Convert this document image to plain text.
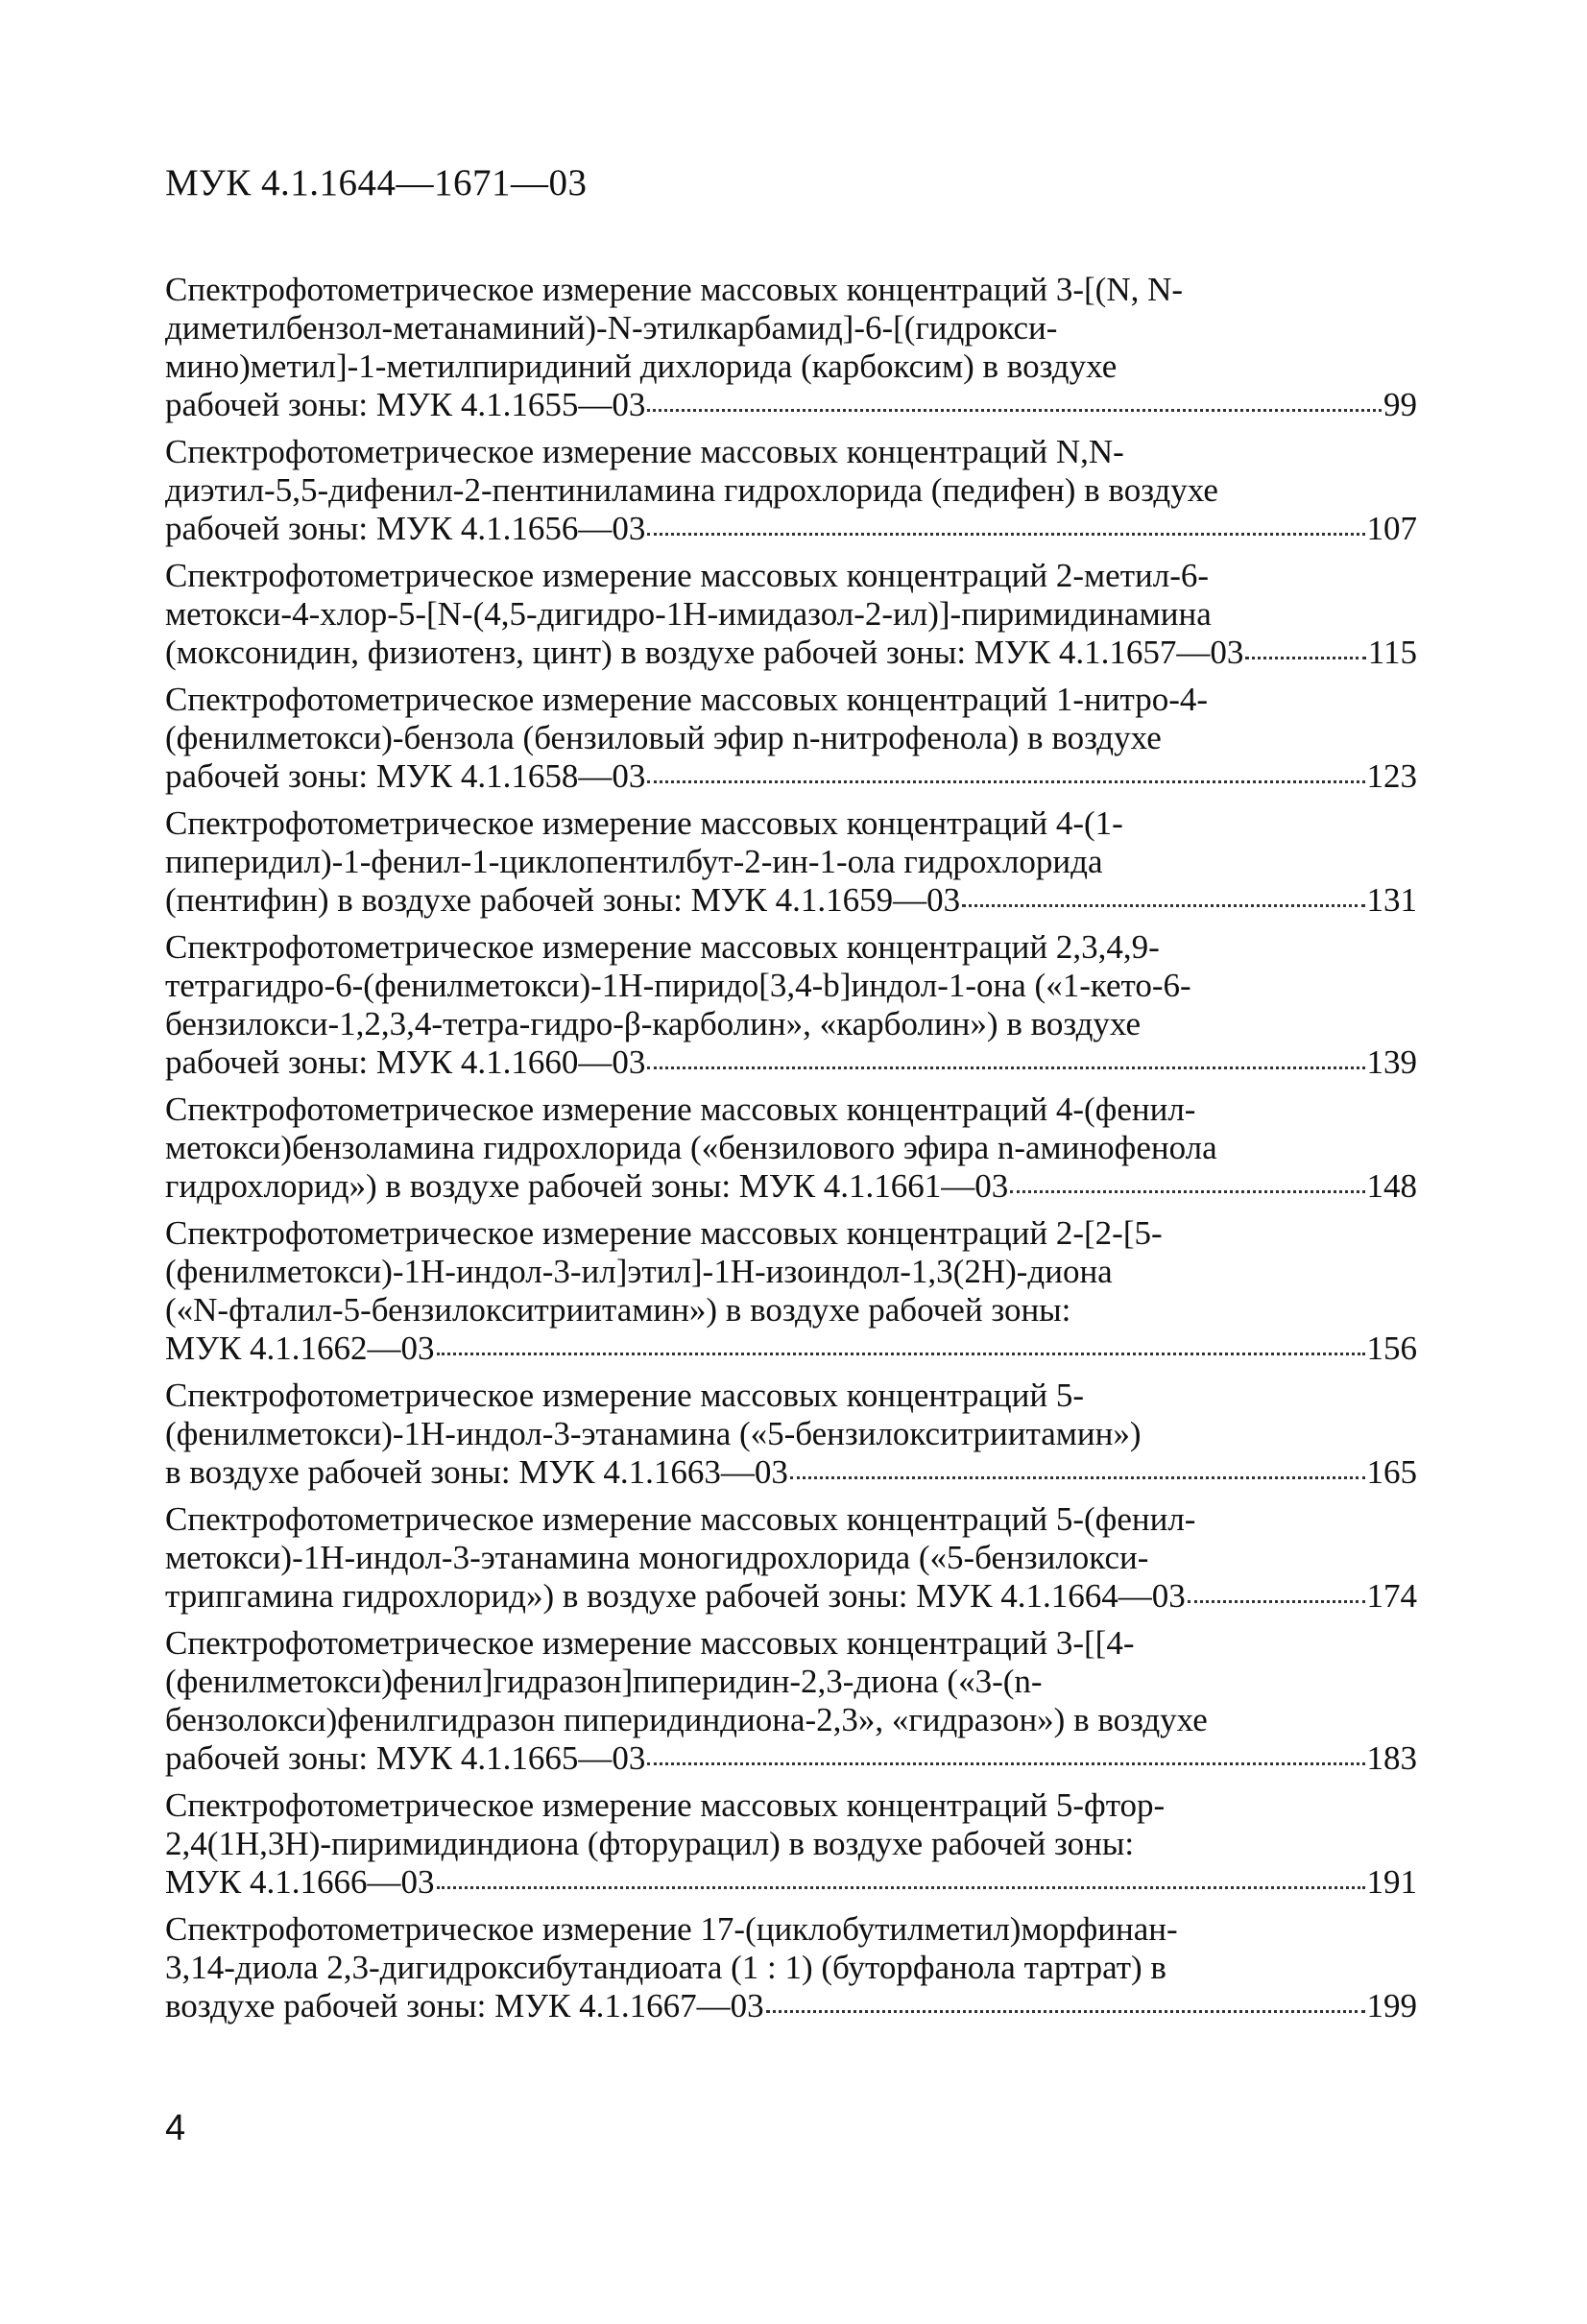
МУК 4.1.1644—1671—03
Спектрофотометрическое измерение массовых концентраций 3-[(N, N-
диметилбензол-метанаминий)-N-этилкарбамид]-6-[(гидрокси-
мино)метил]-1-метилпиридиний дихлорида (карбоксим) в воздухе
рабочей зоны: МУК 4.1.1655—03	99
Спектрофотометрическое измерение массовых концентраций N,N-
диэтил-5,5-дифенил-2-пентиниламина гидрохлорида (педифен) в воздухе
рабочей зоны: МУК 4.1.1656—03	107
Спектрофотометрическое измерение массовых концентраций 2-метил-6-
метокси-4-хлор-5-[N-(4,5-дигидро-1Н-имидазол-2-ил)]-пиримидинамина
(моксонидин, физиотенз, цинт) в воздухе рабочей зоны: МУК 4.1.1657—03	115
Спектрофотометрическое измерение массовых концентраций 1-нитро-4-
(фенилметокси)-бензола (бензиловый эфир n-нитрофенола) в воздухе
рабочей зоны: МУК 4.1.1658—03	123
Спектрофотометрическое измерение массовых концентраций 4-(1-
пиперидил)-1-фенил-1-циклопентилбут-2-ин-1-ола гидрохлорида
(пентифин) в воздухе рабочей зоны: МУК 4.1.1659—03	131
Спектрофотометрическое измерение массовых концентраций 2,3,4,9-
тетрагидро-6-(фенилметокси)-1Н-пиридо[3,4-b]индол-1-она («1-кето-6-
бензилокси-1,2,3,4-тетра-гидро-β-карболин», «карболин») в воздухе
рабочей зоны: МУК 4.1.1660—03	139
Спектрофотометрическое измерение массовых концентраций 4-(фенил-
метокси)бензоламина гидрохлорида («бензилового эфира n-аминофенола
гидрохлорид») в воздухе рабочей зоны: МУК 4.1.1661—03	148
Спектрофотометрическое измерение массовых концентраций 2-[2-[5-
(фенилметокси)-1Н-индол-3-ил]этил]-1Н-изоиндол-1,3(2Н)-диона
(«N-фталил-5-бензилокситриитамин») в воздухе рабочей зоны:
МУК 4.1.1662—03	156
Спектрофотометрическое измерение массовых концентраций 5-
(фенилметокси)-1Н-индол-3-этанамина («5-бензилокситриитамин»)
в воздухе рабочей зоны: МУК 4.1.1663—03	165
Спектрофотометрическое измерение массовых концентраций 5-(фенил-
метокси)-1Н-индол-3-этанамина моногидрохлорида («5-бензилокси-
трипгамина гидрохлорид») в воздухе рабочей зоны: МУК 4.1.1664—03	174
Спектрофотометрическое измерение массовых концентраций 3-[[4-
(фенилметокси)фенил]гидразон]пиперидин-2,3-диона («3-(n-
бензолокси)фенилгидразон пиперидиндиона-2,3», «гидразон») в воздухе
рабочей зоны: МУК 4.1.1665—03	183
Спектрофотометрическое измерение массовых концентраций 5-фтор-
2,4(1Н,3Н)-пиримидиндиона (фторурацил) в воздухе рабочей зоны:
МУК 4.1.1666—03	191
Спектрофотометрическое измерение 17-(циклобутилметил)морфинан-
3,14-диола 2,3-дигидроксибутандиоата (1 : 1) (буторфанола тартрат) в
воздухе рабочей зоны: МУК 4.1.1667—03	199
4
